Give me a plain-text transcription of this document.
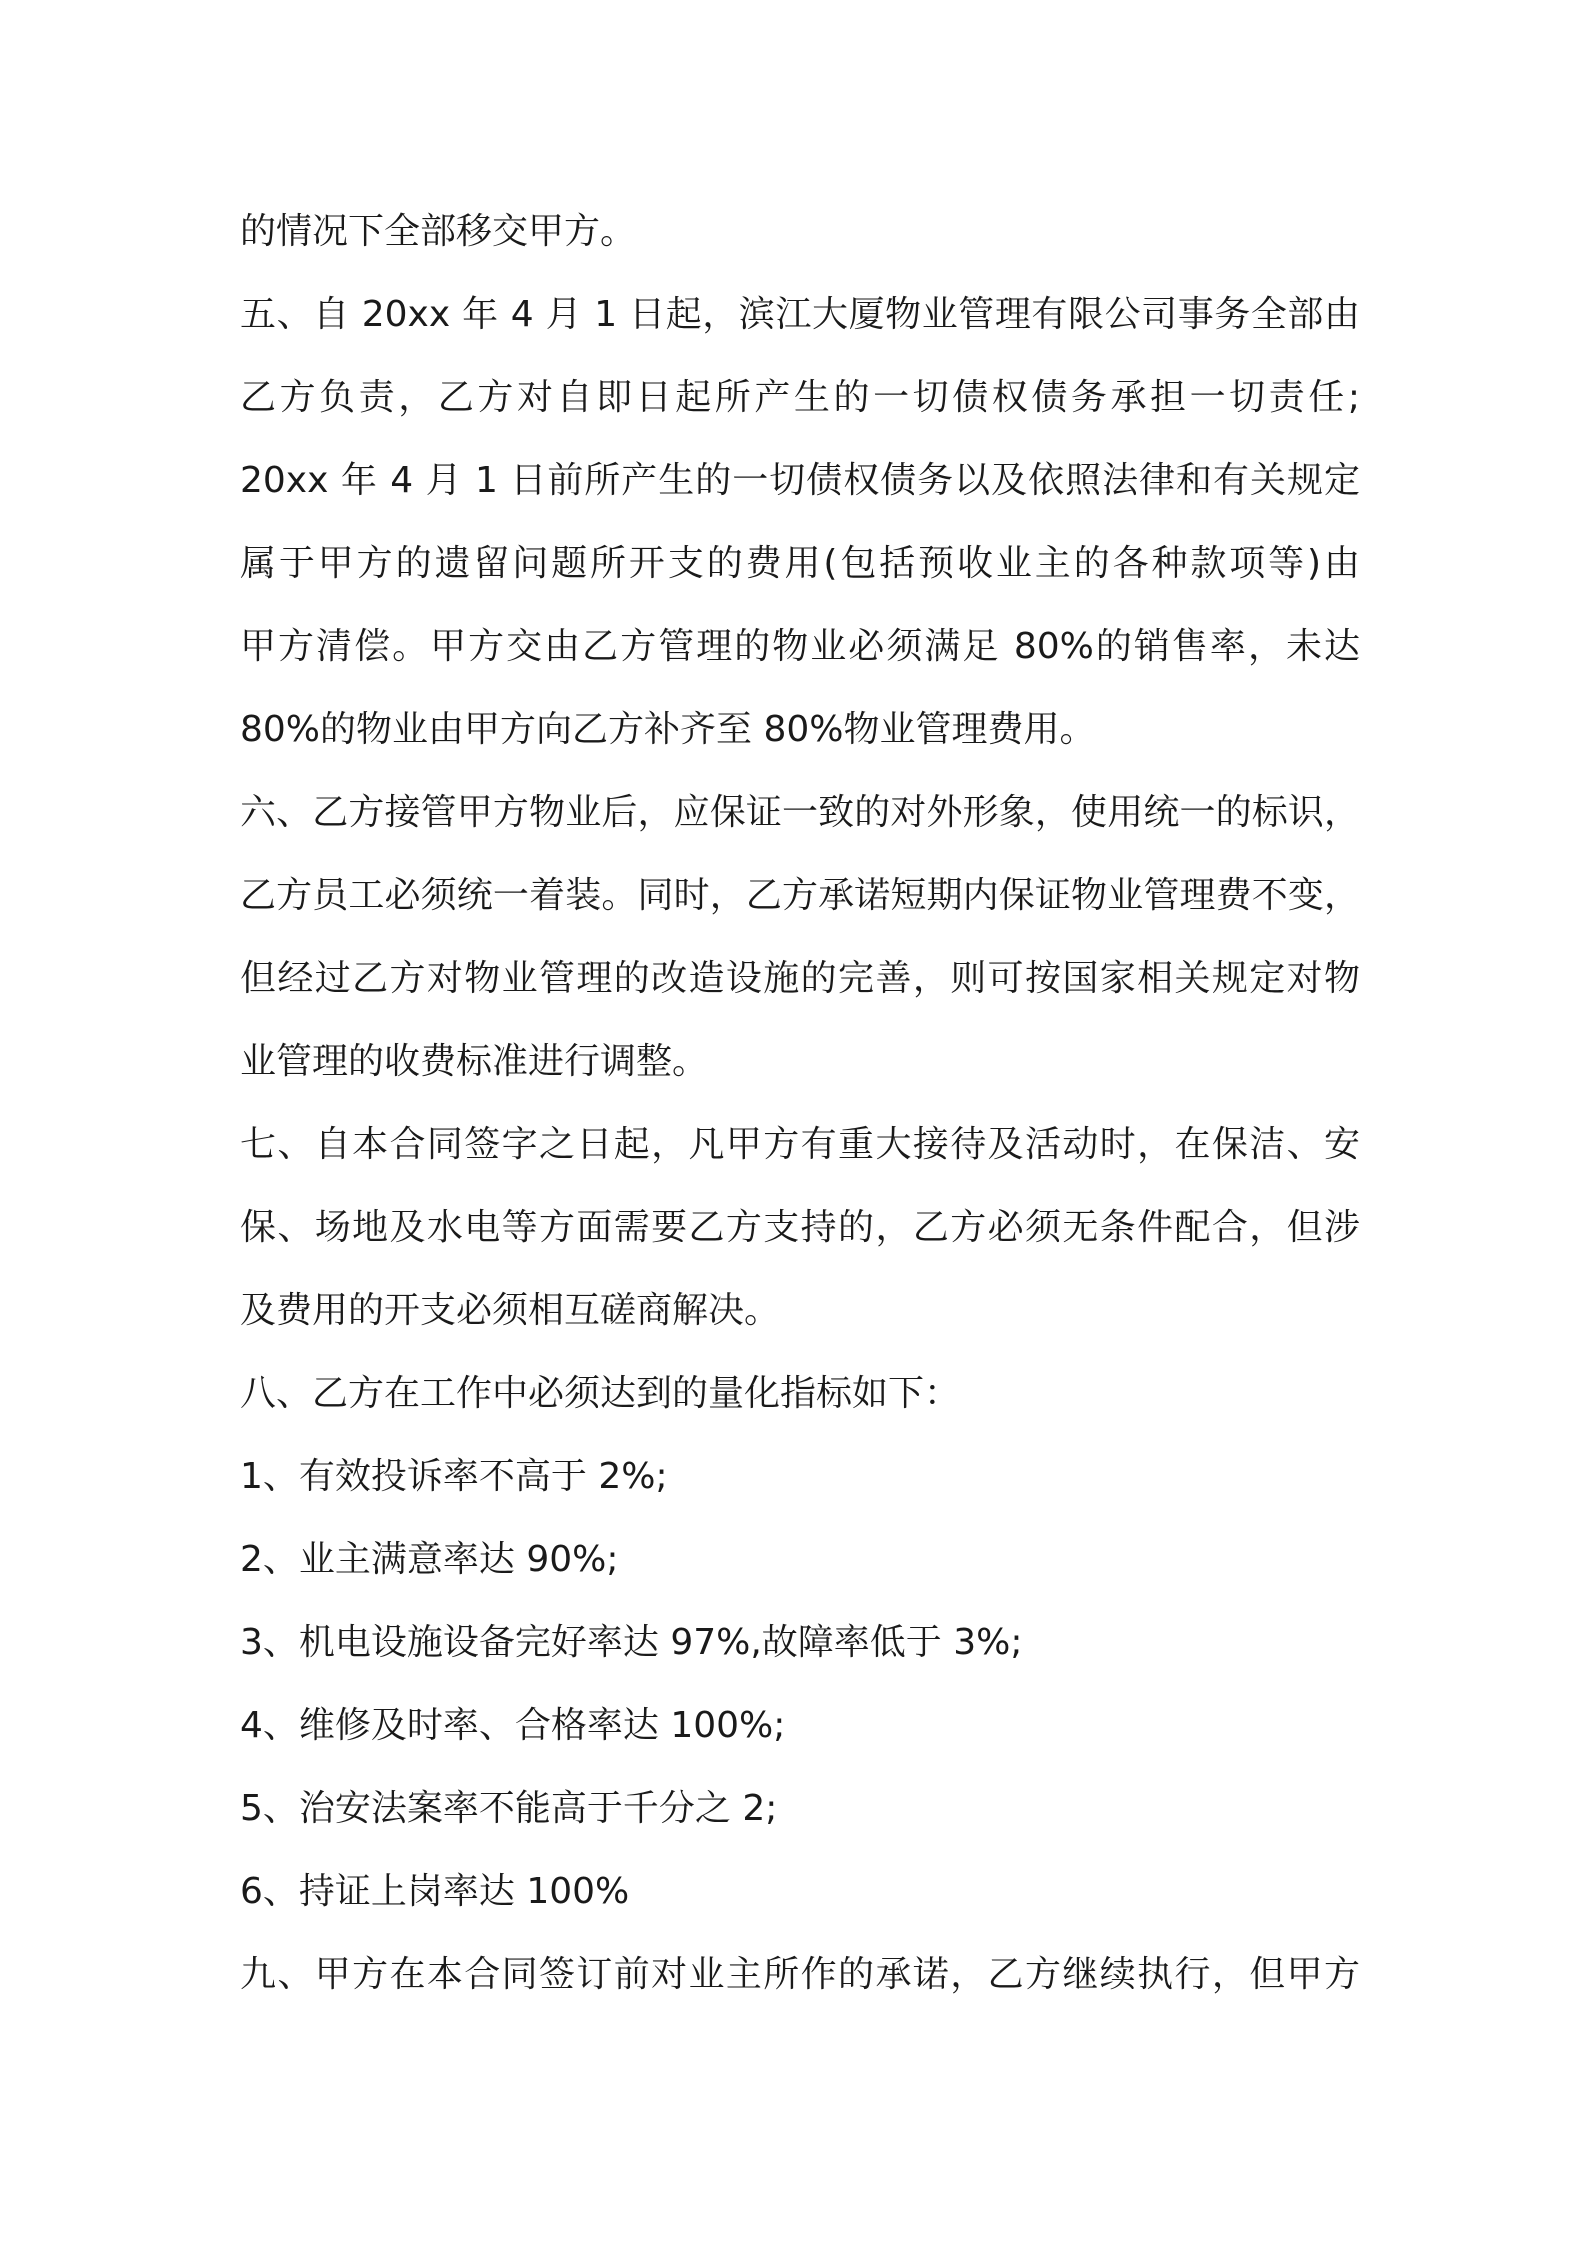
的情况下全部移交甲方。
五、自 20xx 年 4 月 1 日起，滨江大厦物业管理有限公司事务全部由
乙方负责，乙方对自即日起所产生的一切债权债务承担一切责任;
20xx 年 4 月 1 日前所产生的一切债权债务以及依照法律和有关规定
属于甲方的遗留问题所开支的费用(包括预收业主的各种款项等)由
甲方清偿。甲方交由乙方管理的物业必须满足 80%的销售率，未达
80%的物业由甲方向乙方补齐至 80%物业管理费用。
六、乙方接管甲方物业后，应保证一致的对外形象，使用统一的标识，
乙方员工必须统一着装。同时，乙方承诺短期内保证物业管理费不变，
但经过乙方对物业管理的改造设施的完善，则可按国家相关规定对物
业管理的收费标准进行调整。
七、自本合同签字之日起，凡甲方有重大接待及活动时，在保洁、安
保、场地及水电等方面需要乙方支持的，乙方必须无条件配合，但涉
及费用的开支必须相互磋商解决。
八、乙方在工作中必须达到的量化指标如下：
1、有效投诉率不高于 2%;
2、业主满意率达 90%;
3、机电设施设备完好率达 97%,故障率低于 3%;
4、维修及时率、合格率达 100%;
5、治安法案率不能高于千分之 2;
6、持证上岗率达 100%
九、甲方在本合同签订前对业主所作的承诺，乙方继续执行，但甲方
